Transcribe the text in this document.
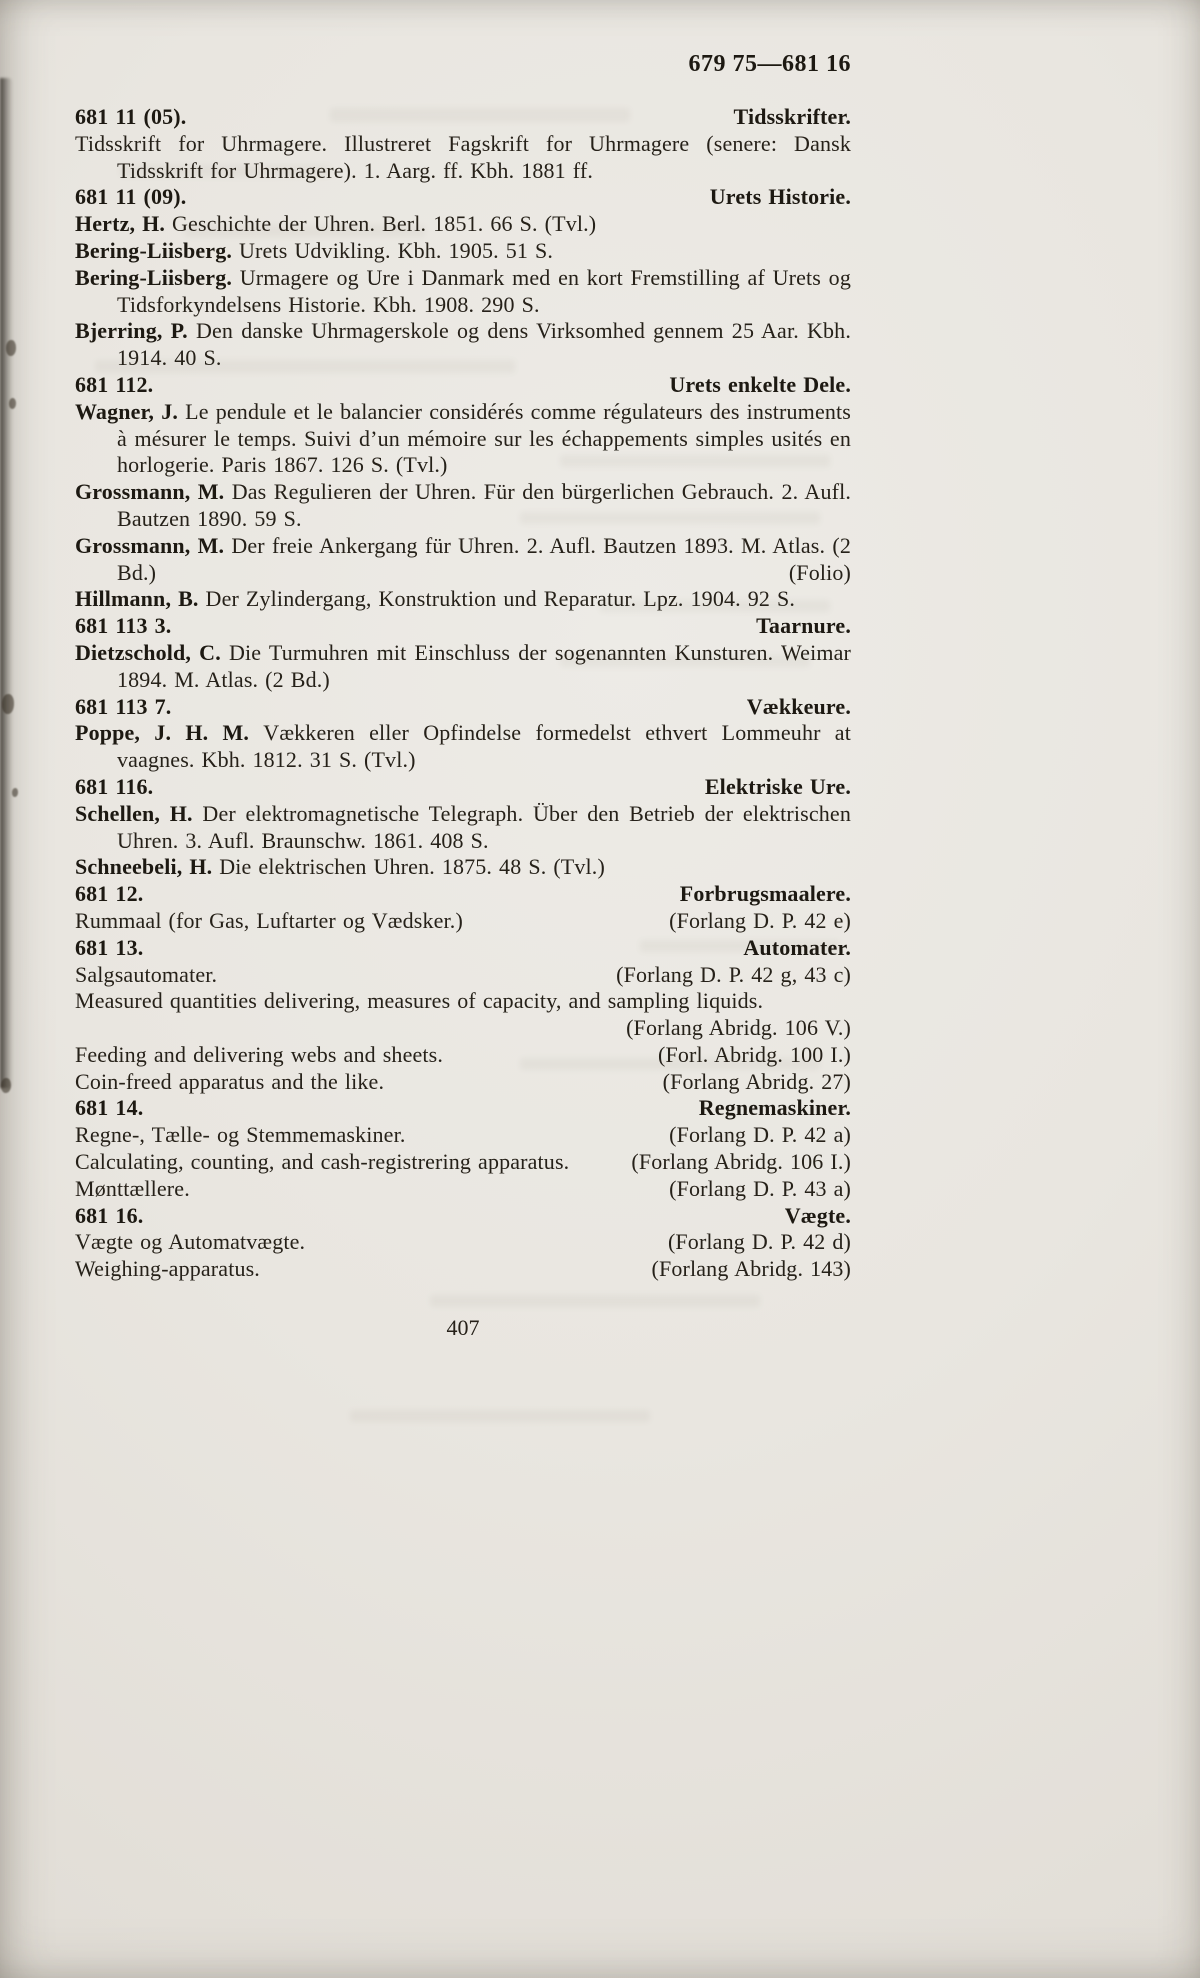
679 75—681 16
681 11 (05).	Tidsskrifter.

Tidsskrift for Uhrmagere. Illustreret Fagskrift for Uhrmagere (senere: Dansk Tidsskrift for Uhrmagere). 1. Aarg. ff. Kbh. 1881 ff.

681 11 (09).	Urets Historie.

Hertz, H. Geschichte der Uhren. Berl. 1851. 66 S. (Tvl.)

Bering-Liisberg. Urets Udvikling. Kbh. 1905. 51 S.

Bering-Liisberg. Urmagere og Ure i Danmark med en kort Fremstilling af Urets og Tidsforkyndelsens Historie. Kbh. 1908. 290 S.

Bjerring, P. Den danske Uhrmagerskole og dens Virksomhed gennem 25 Aar. Kbh. 1914. 40 S.

681 112.	Urets enkelte Dele.

Wagner, J. Le pendule et le balancier considérés comme régulateurs des instruments à mésurer le temps. Suivi d’un mémoire sur les échappements simples usités en horlogerie. Paris 1867. 126 S. (Tvl.)

Grossmann, M. Das Regulieren der Uhren. Für den bürgerlichen Gebrauch. 2. Aufl. Bautzen 1890. 59 S.

Grossmann, M. Der freie Ankergang für Uhren. 2. Aufl. Bautzen 1893. M. Atlas. (2 Bd.)	(Folio)

Hillmann, B. Der Zylindergang, Konstruktion und Reparatur. Lpz. 1904. 92 S.

681 113 3.	Taarnure.

Dietzschold, C. Die Turmuhren mit Einschluss der sogenannten Kunsturen. Weimar 1894. M. Atlas. (2 Bd.)

681 113 7.	Vækkeure.

Poppe, J. H. M. Vækkeren eller Opfindelse formedelst ethvert Lommeuhr at vaagnes. Kbh. 1812. 31 S. (Tvl.)

681 116.	Elektriske Ure.

Schellen, H. Der elektromagnetische Telegraph. Über den Betrieb der elektrischen Uhren. 3. Aufl. Braunschw. 1861. 408 S.

Schneebeli, H. Die elektrischen Uhren. 1875. 48 S. (Tvl.)

681 12.	Forbrugsmaalere.

Rummaal (for Gas, Luftarter og Vædsker.)	(Forlang D. P. 42 e)

681 13.	Automater.

Salgsautomater.	(Forlang D. P. 42 g, 43 c)

Measured quantities delivering, measures of capacity, and sampling liquids.
(Forlang Abridg. 106 V.)

Feeding and delivering webs and sheets.	(Forl. Abridg. 100 I.)

Coin-freed apparatus and the like.	(Forlang Abridg. 27)

681 14.	Regnemaskiner.

Regne-, Tælle- og Stemmemaskiner.	(Forlang D. P. 42 a)

Calculating, counting, and cash-registrering apparatus.	(Forlang Abridg. 106 I.)

Mønttællere.	(Forlang D. P. 43 a)

681 16.	Vægte.

Vægte og Automatvægte.	(Forlang D. P. 42 d)

Weighing-apparatus.	(Forlang Abridg. 143)

407
